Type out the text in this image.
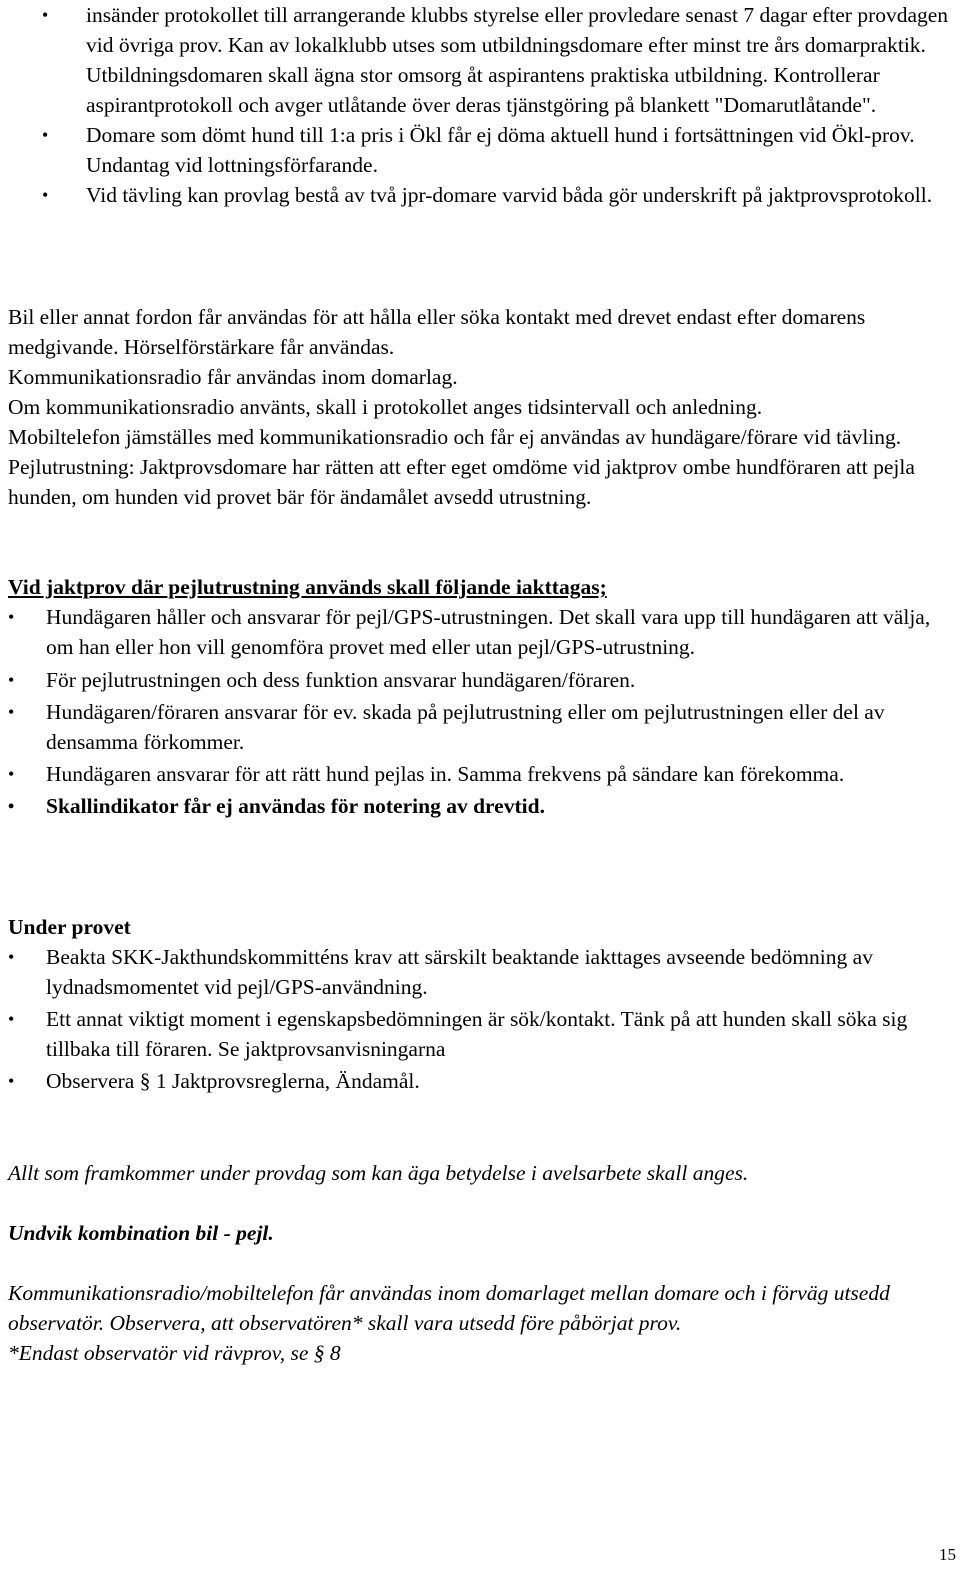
• insänder protokollet till arrangerande klubbs styrelse eller provledare senast 7 dagar efter provdagen vid övriga prov. Kan av lokalklubb utses som utbildningsdomare efter minst tre års domarpraktik. Utbildningsdomaren skall ägna stor omsorg åt aspirantens praktiska utbildning. Kontrollerar aspirantprotokoll och avger utlåtande över deras tjänstgöring på blankett "Domarutlåtande".
• Domare som dömt hund till 1:a pris i Ökl får ej döma aktuell hund i fortsättningen vid Ökl-prov. Undantag vid lottningsförfarande.
• Vid tävling kan provlag bestå av två jpr-domare varvid båda gör underskrift på jaktprovsprotokoll.

Bil eller annat fordon får användas för att hålla eller söka kontakt med drevet endast efter domarens medgivande. Hörselförstärkare får användas.

Kommunikationsradio får användas inom domarlag.

Om kommunikationsradio använts, skall i protokollet anges tidsintervall och anledning.

Mobiltelefon jämställes med kommunikationsradio och får ej användas av hundägare/förare vid tävling.

Pejlutrustning: Jaktprovsdomare har rätten att efter eget omdöme vid jaktprov ombe hundföraren att pejla hunden, om hunden vid provet bär för ändamålet avsedd utrustning.

Vid jaktprov där pejlutrustning används skall följande iakttagas;

• Hundägaren håller och ansvarar för pejl/GPS-utrustningen. Det skall vara upp till hundägaren att välja, om han eller hon vill genomföra provet med eller utan pejl/GPS-utrustning.
• För pejlutrustningen och dess funktion ansvarar hundägaren/föraren.
• Hundägaren/föraren ansvarar för ev. skada på pejlutrustning eller om pejlutrustningen eller del av densamma förkommer.
• Hundägaren ansvarar för att rätt hund pejlas in. Samma frekvens på sändare kan förekomma.
• Skallindikator får ej användas för notering av drevtid.

Under provet

• Beakta SKK-Jakthundskommitténs krav att särskilt beaktande iakttages avseende bedömning av lydnadsmomentet vid pejl/GPS-användning.
• Ett annat viktigt moment i egenskapsbedömningen är sök/kontakt. Tänk på att hunden skall söka sig tillbaka till föraren. Se jaktprovsanvisningarna
• Observera § 1 Jaktprovsreglerna, Ändamål.

Allt som framkommer under provdag som kan äga betydelse i avelsarbete skall anges.

Undvik kombination bil - pejl.

Kommunikationsradio/mobiltelefon får användas inom domarlaget mellan domare och i förväg utsedd observatör. Observera, att observatören* skall vara utsedd före påbörjat prov.

*Endast observatör vid rävprov, se § 8

15
